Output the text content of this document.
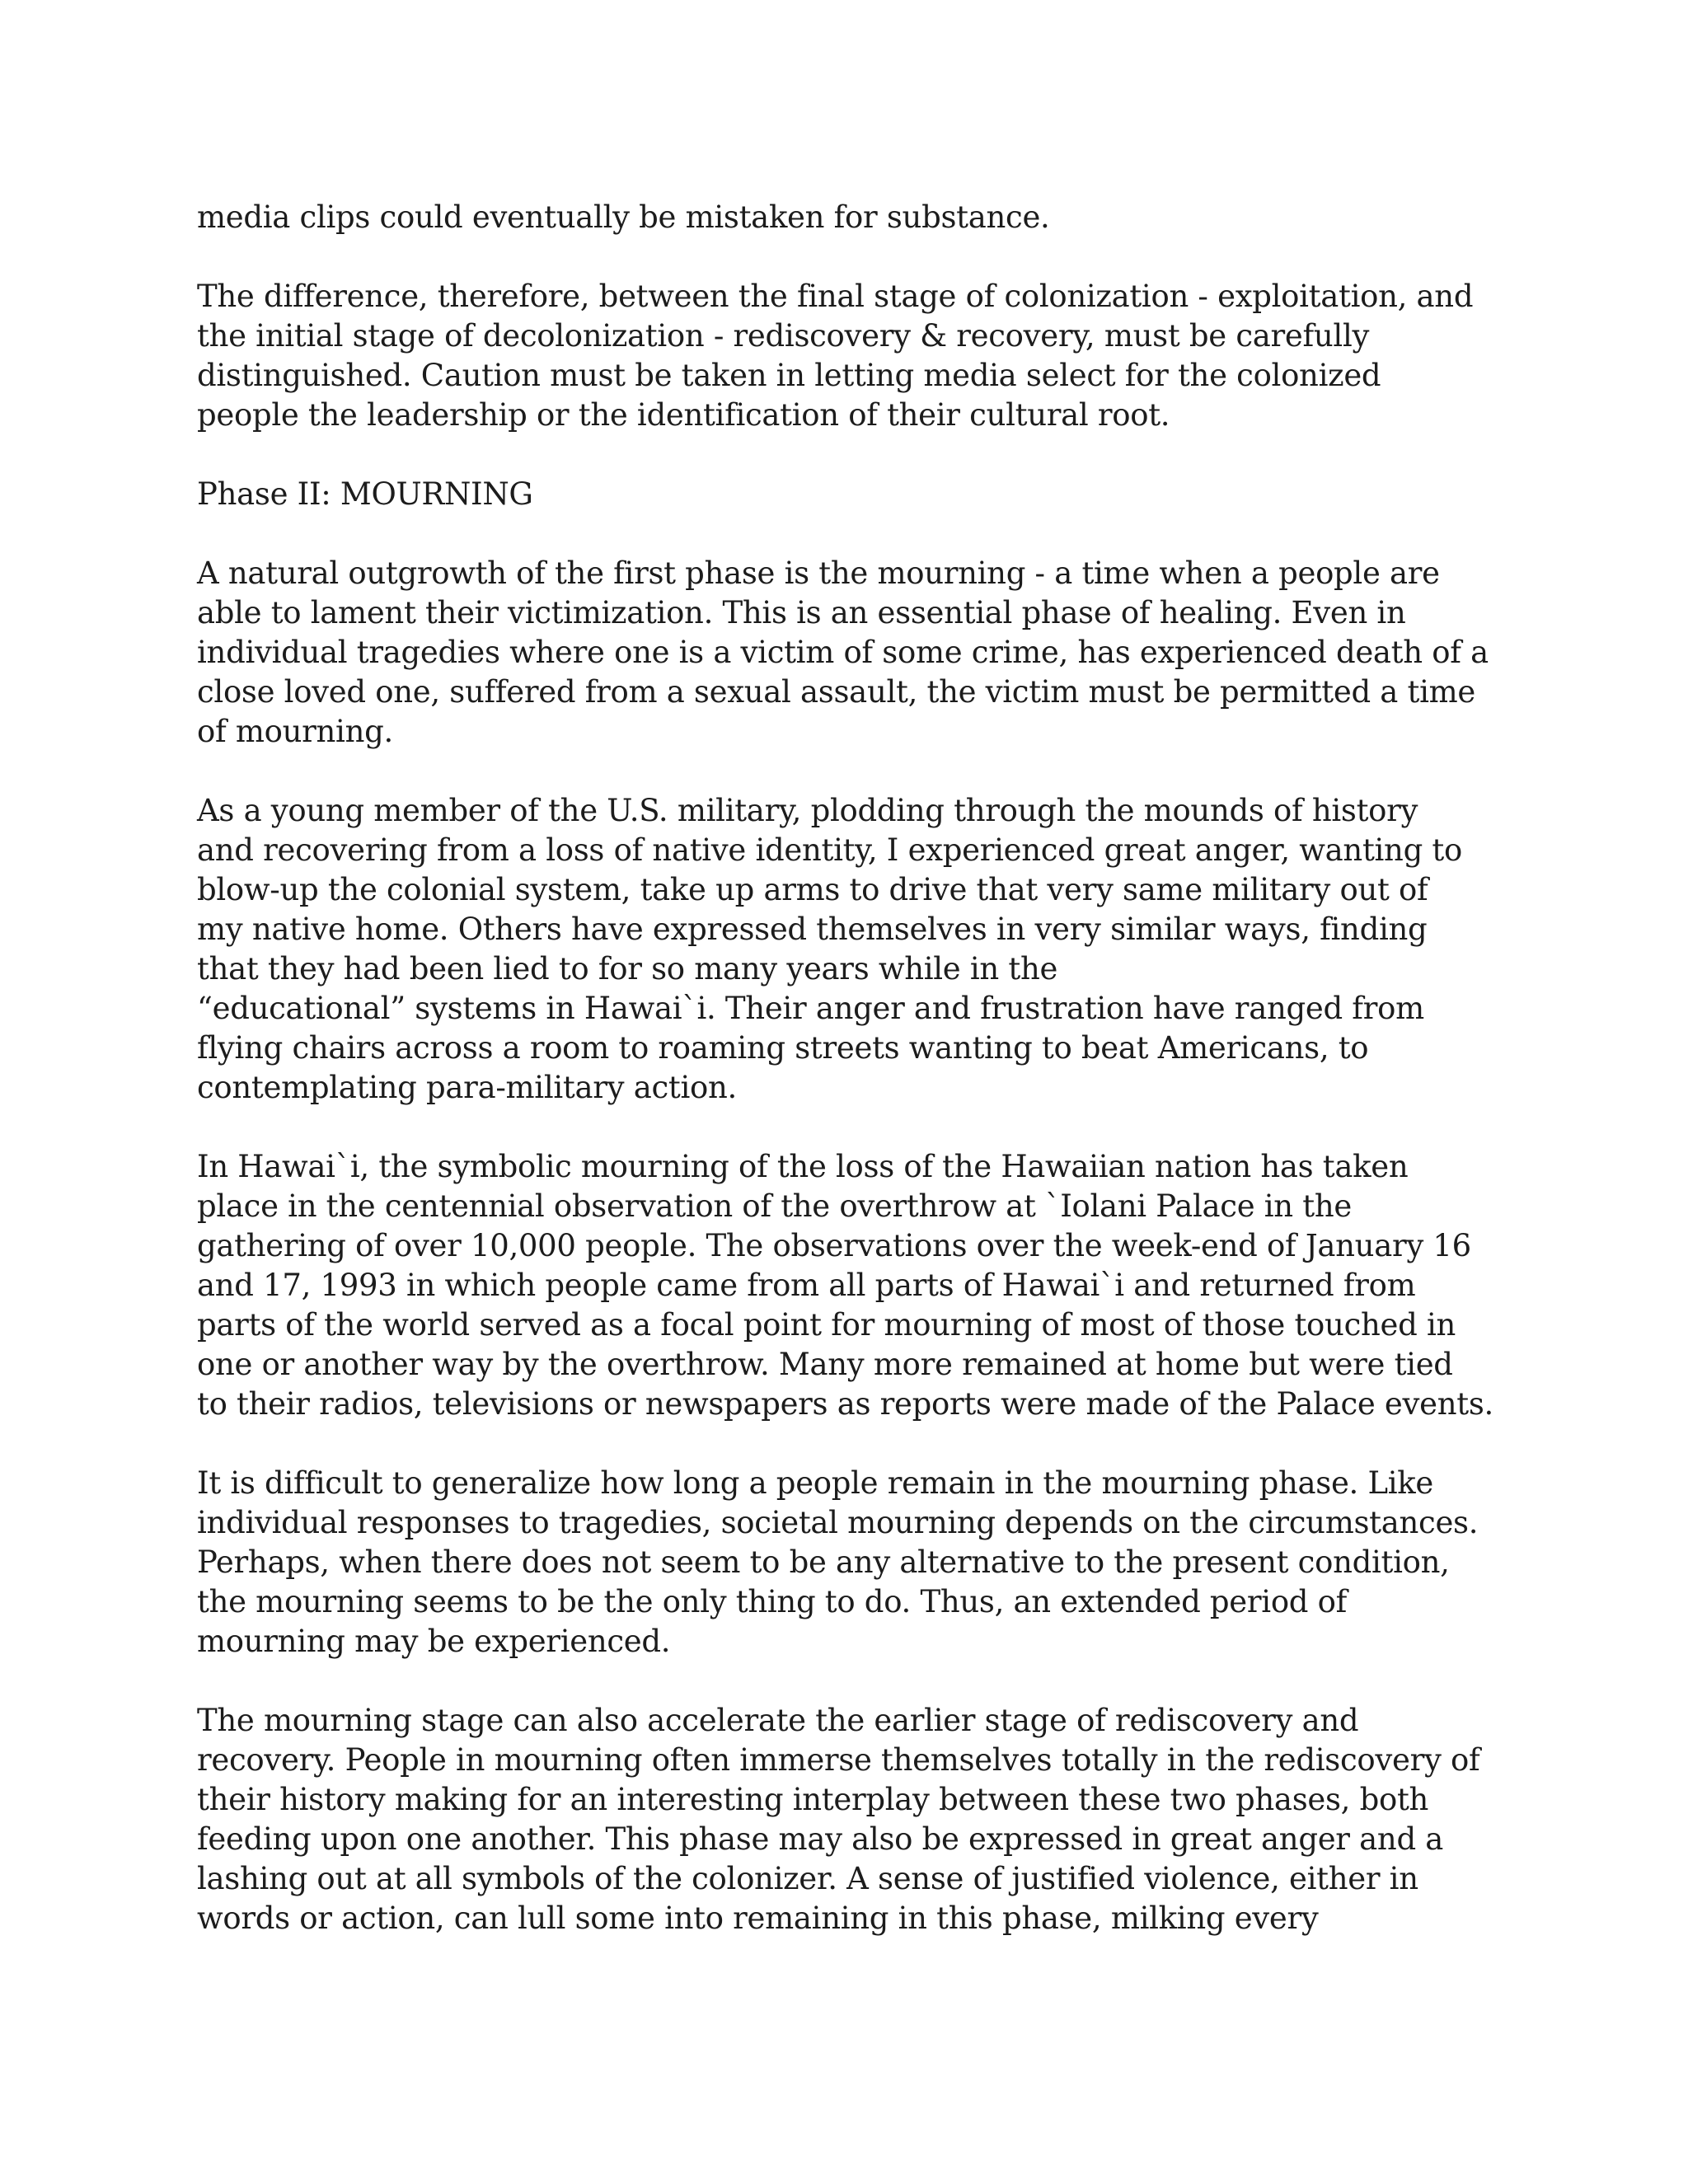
media clips could eventually be mistaken for substance.

The difference, therefore, between the final stage of colonization - exploitation, and
the initial stage of decolonization - rediscovery & recovery, must be carefully
distinguished. Caution must be taken in letting media select for the colonized
people the leadership or the identification of their cultural root.

Phase II: MOURNING

A natural outgrowth of the first phase is the mourning - a time when a people are
able to lament their victimization. This is an essential phase of healing. Even in
individual tragedies where one is a victim of some crime, has experienced death of a
close loved one, suffered from a sexual assault, the victim must be permitted a time
of mourning.

As a young member of the U.S. military, plodding through the mounds of history
and recovering from a loss of native identity, I experienced great anger, wanting to
blow-up the colonial system, take up arms to drive that very same military out of
my native home. Others have expressed themselves in very similar ways, finding
that they had been lied to for so many years while in the
“educational” systems in Hawai`i. Their anger and frustration have ranged from
flying chairs across a room to roaming streets wanting to beat Americans, to
contemplating para-military action.

In Hawai`i, the symbolic mourning of the loss of the Hawaiian nation has taken
place in the centennial observation of the overthrow at `Iolani Palace in the
gathering of over 10,000 people. The observations over the week-end of January 16
and 17, 1993 in which people came from all parts of Hawai`i and returned from
parts of the world served as a focal point for mourning of most of those touched in
one or another way by the overthrow. Many more remained at home but were tied
to their radios, televisions or newspapers as reports were made of the Palace events.

It is difficult to generalize how long a people remain in the mourning phase. Like
individual responses to tragedies, societal mourning depends on the circumstances.
Perhaps, when there does not seem to be any alternative to the present condition,
the mourning seems to be the only thing to do. Thus, an extended period of
mourning may be experienced.

The mourning stage can also accelerate the earlier stage of rediscovery and
recovery. People in mourning often immerse themselves totally in the rediscovery of
their history making for an interesting interplay between these two phases, both
feeding upon one another. This phase may also be expressed in great anger and a
lashing out at all symbols of the colonizer. A sense of justified violence, either in
words or action, can lull some into remaining in this phase, milking every
